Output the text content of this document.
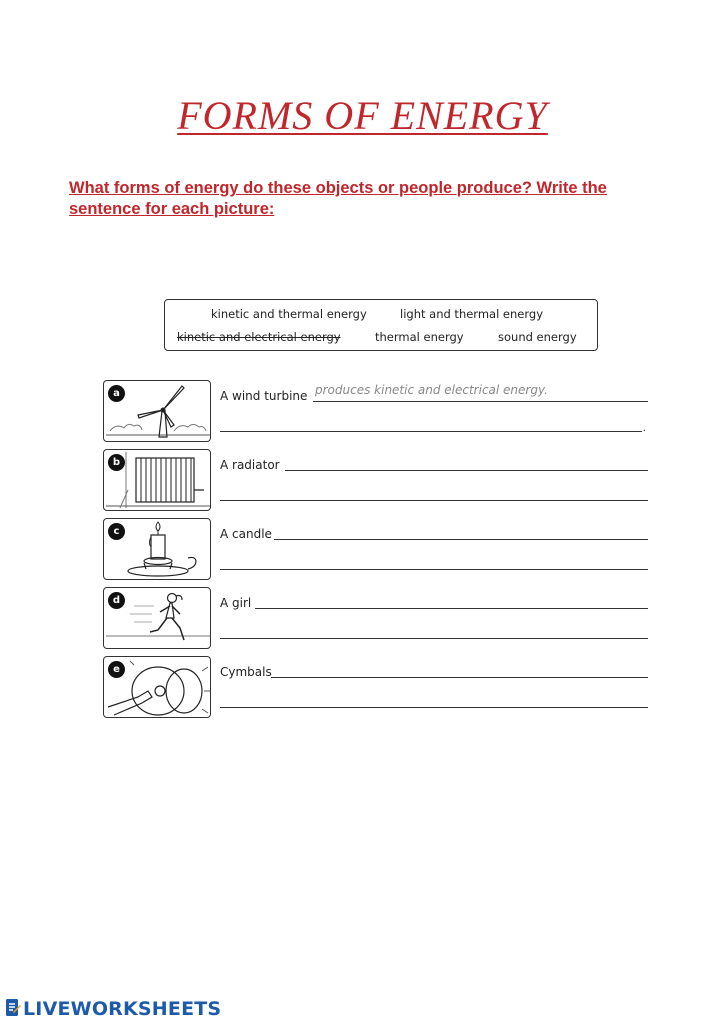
FORMS OF ENERGY
What forms of energy do these objects or people produce? Write the sentence for each picture:
kinetic and thermal energy	light and thermal energy
kinetic and electrical energy	thermal energy	sound energy
a	A wind turbine produces kinetic and electrical energy.
.
b	A radiator
c	A candle
d	A girl
e	Cymbals
LIVEWORKSHEETS
